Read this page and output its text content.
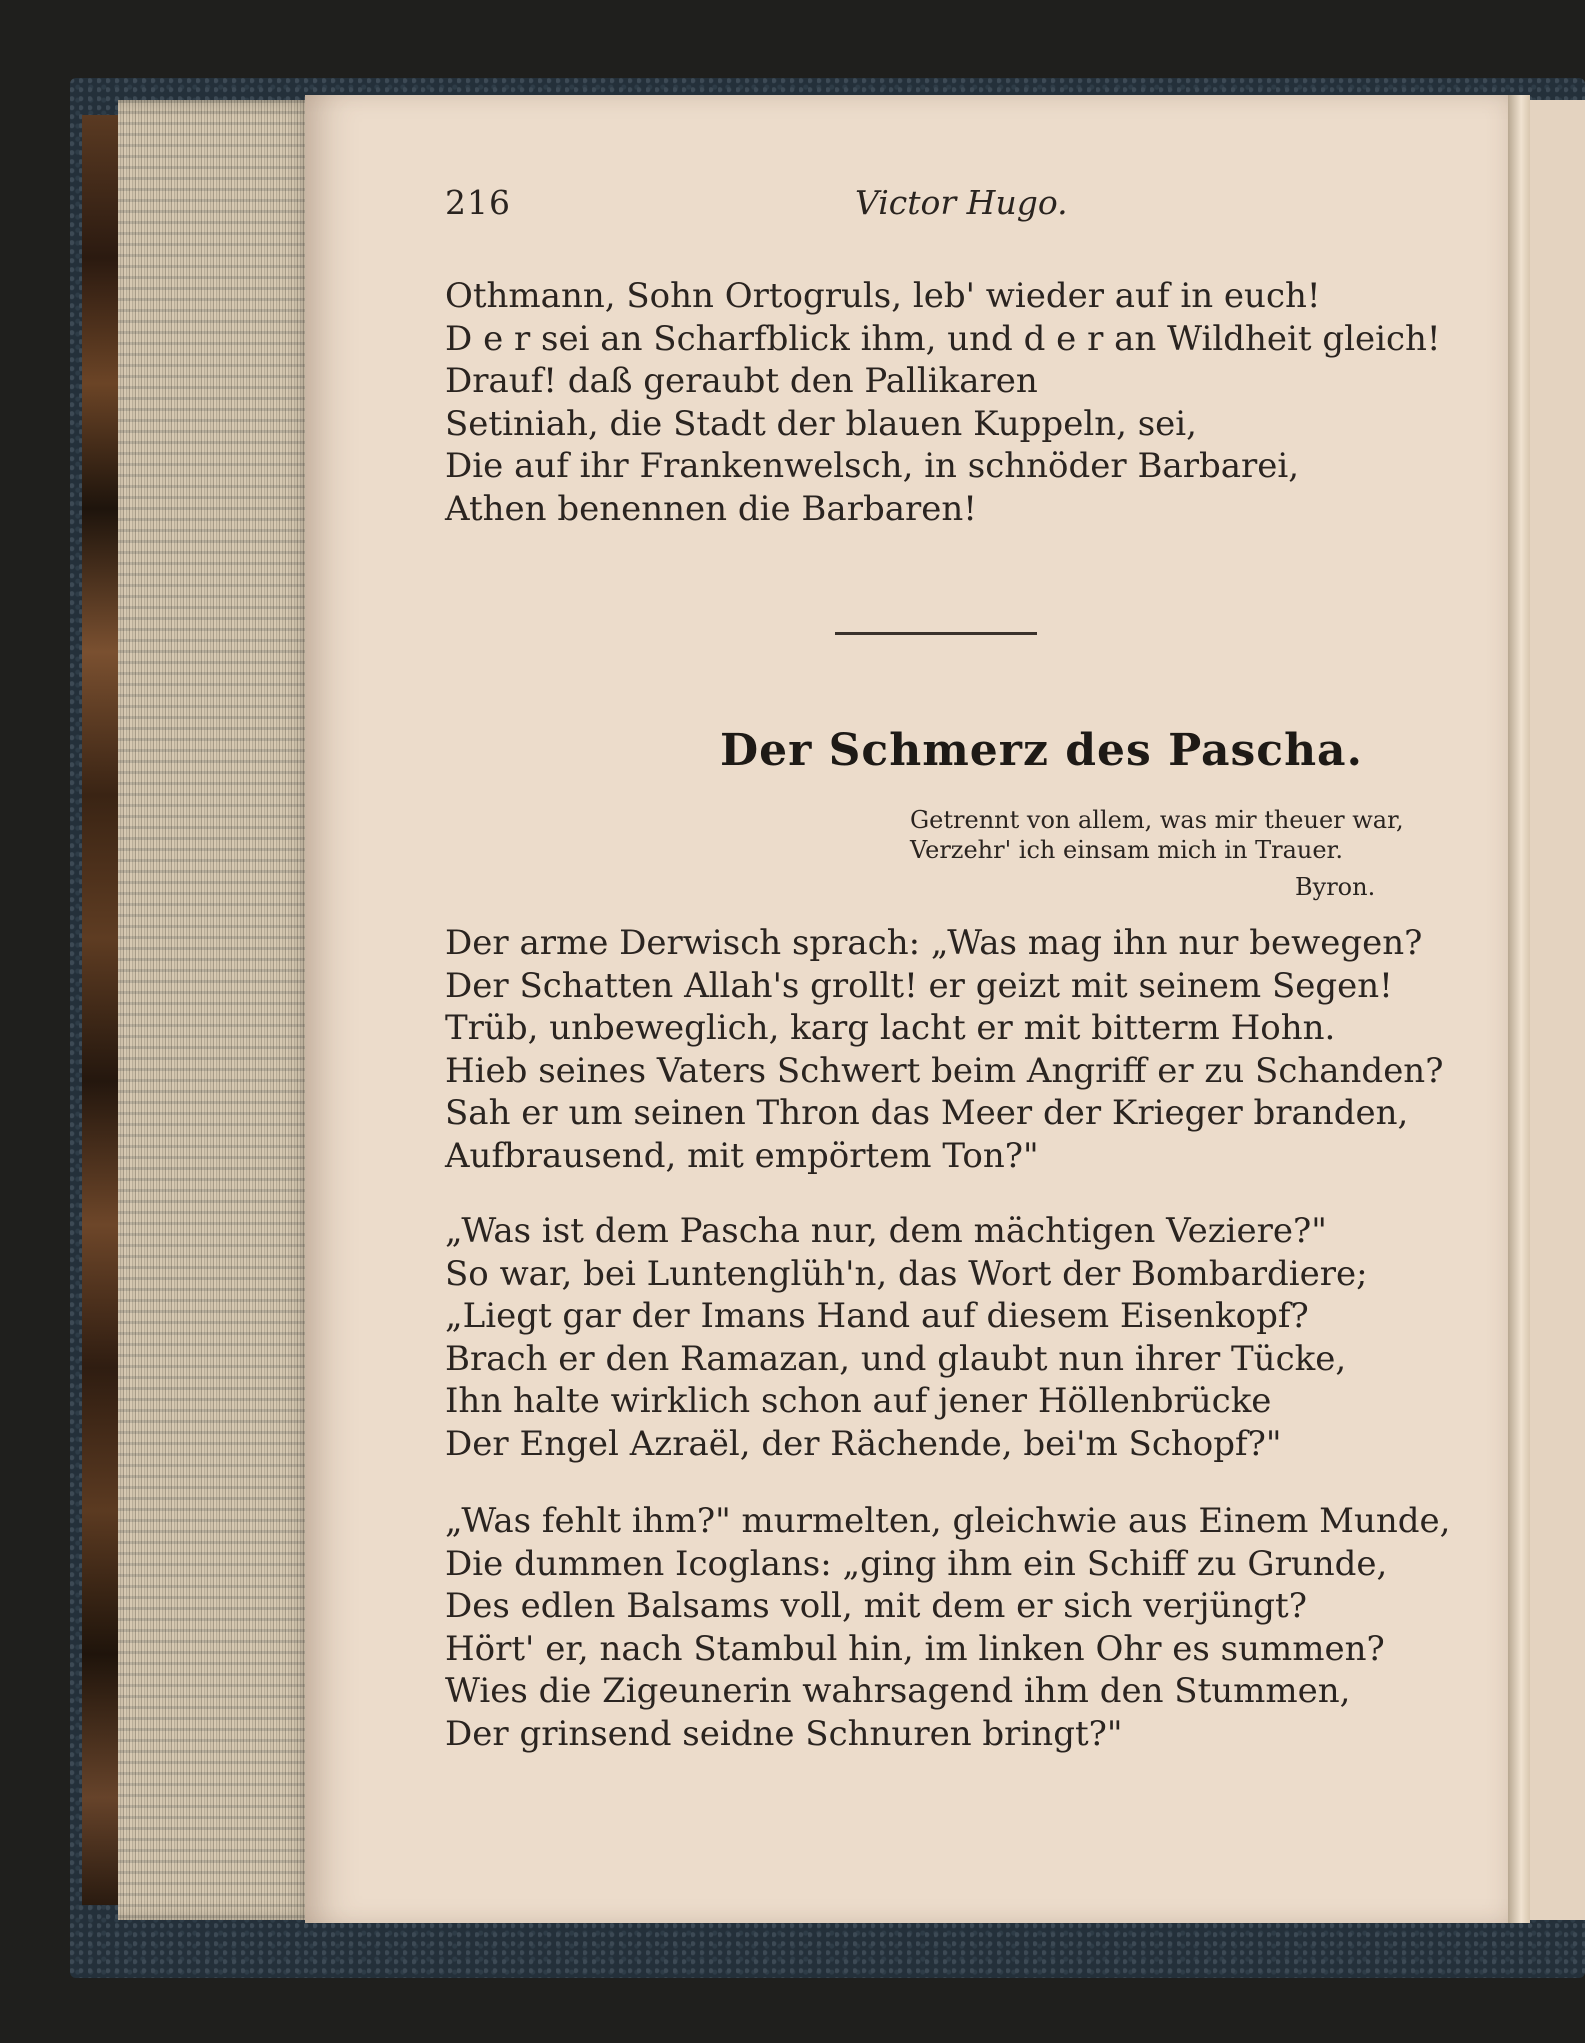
216	Victor Hugo.
Othmann, Sohn Ortogruls, leb' wieder auf in euch!
D e r sei an Scharfblick ihm, und d e r an Wildheit gleich!
Drauf! daß geraubt den Pallikaren
Setiniah, die Stadt der blauen Kuppeln, sei,
Die auf ihr Frankenwelsch, in schnöder Barbarei,
Athen benennen die Barbaren!
Der Schmerz des Pascha.
Getrennt von allem, was mir theuer war,
Verzehr' ich einsam mich in Trauer.
Byron.
Der arme Derwisch sprach: „Was mag ihn nur bewegen?
Der Schatten Allah's grollt! er geizt mit seinem Segen!
Trüb, unbeweglich, karg lacht er mit bitterm Hohn.
Hieb seines Vaters Schwert beim Angriff er zu Schanden?
Sah er um seinen Thron das Meer der Krieger branden,
Aufbrausend, mit empörtem Ton?"
„Was ist dem Pascha nur, dem mächtigen Veziere?"
So war, bei Luntenglüh'n, das Wort der Bombardiere;
„Liegt gar der Imans Hand auf diesem Eisenkopf?
Brach er den Ramazan, und glaubt nun ihrer Tücke,
Ihn halte wirklich schon auf jener Höllenbrücke
Der Engel Azraël, der Rächende, bei'm Schopf?"
„Was fehlt ihm?" murmelten, gleichwie aus Einem Munde,
Die dummen Icoglans: „ging ihm ein Schiff zu Grunde,
Des edlen Balsams voll, mit dem er sich verjüngt?
Hört' er, nach Stambul hin, im linken Ohr es summen?
Wies die Zigeunerin wahrsagend ihm den Stummen,
Der grinsend seidne Schnuren bringt?"
